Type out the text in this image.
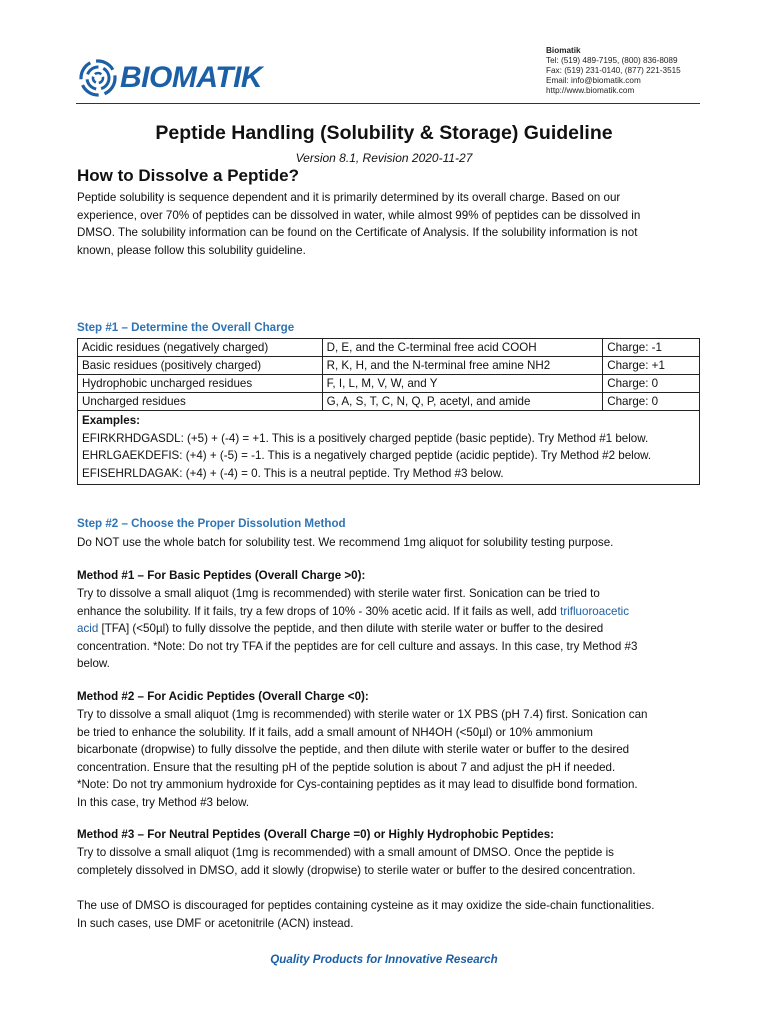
BIOMATIK
Biomatik
Tel: (519) 489-7195, (800) 836-8089
Fax: (519) 231-0140, (877) 221-3515
Email: info@biomatik.com
http://www.biomatik.com
Peptide Handling (Solubility & Storage) Guideline
Version 8.1, Revision 2020-11-27
How to Dissolve a Peptide?
Peptide solubility is sequence dependent and it is primarily determined by its overall charge. Based on our
experience, over 70% of peptides can be dissolved in water, while almost 99% of peptides can be dissolved in
DMSO. The solubility information can be found on the Certificate of Analysis. If the solubility information is not
known, please follow this solubility guideline.
Step #1 – Determine the Overall Charge
Acidic residues (negatively charged)	D, E, and the C-terminal free acid COOH	Charge: -1
Basic residues (positively charged)	R, K, H, and the N-terminal free amine NH2	Charge: +1
Hydrophobic uncharged residues	F, I, L, M, V, W, and Y	Charge: 0
Uncharged residues	G, A, S, T, C, N, Q, P, acetyl, and amide	Charge: 0

Examples:
EFIRKRHDGASDL: (+5) + (-4) = +1. This is a positively charged peptide (basic peptide). Try Method #1 below.
EHRLGAEKDEFIS: (+4) + (-5) = -1. This is a negatively charged peptide (acidic peptide). Try Method #2 below.
EFISEHRLDAGAK: (+4) + (-4) = 0. This is a neutral peptide. Try Method #3 below.		
Step #2 – Choose the Proper Dissolution Method
Do NOT use the whole batch for solubility test. We recommend 1mg aliquot for solubility testing purpose.
Method #1 – For Basic Peptides (Overall Charge >0):
Try to dissolve a small aliquot (1mg is recommended) with sterile water first. Sonication can be tried to
enhance the solubility. If it fails, try a few drops of 10% - 30% acetic acid. If it fails as well, add trifluoroacetic
acid [TFA] (<50µl) to fully dissolve the peptide, and then dilute with sterile water or buffer to the desired
concentration. *Note: Do not try TFA if the peptides are for cell culture and assays. In this case, try Method #3
below.
Method #2 – For Acidic Peptides (Overall Charge <0):
Try to dissolve a small aliquot (1mg is recommended) with sterile water or 1X PBS (pH 7.4) first. Sonication can
be tried to enhance the solubility. If it fails, add a small amount of NH4OH (<50µl) or 10% ammonium
bicarbonate (dropwise) to fully dissolve the peptide, and then dilute with sterile water or buffer to the desired
concentration. Ensure that the resulting pH of the peptide solution is about 7 and adjust the pH if needed.
*Note: Do not try ammonium hydroxide for Cys-containing peptides as it may lead to disulfide bond formation.
In this case, try Method #3 below.
Method #3 – For Neutral Peptides (Overall Charge =0) or Highly Hydrophobic Peptides:
Try to dissolve a small aliquot (1mg is recommended) with a small amount of DMSO. Once the peptide is
completely dissolved in DMSO, add it slowly (dropwise) to sterile water or buffer to the desired concentration.
The use of DMSO is discouraged for peptides containing cysteine as it may oxidize the side-chain functionalities.
In such cases, use DMF or acetonitrile (ACN) instead.
Quality Products for Innovative Research
